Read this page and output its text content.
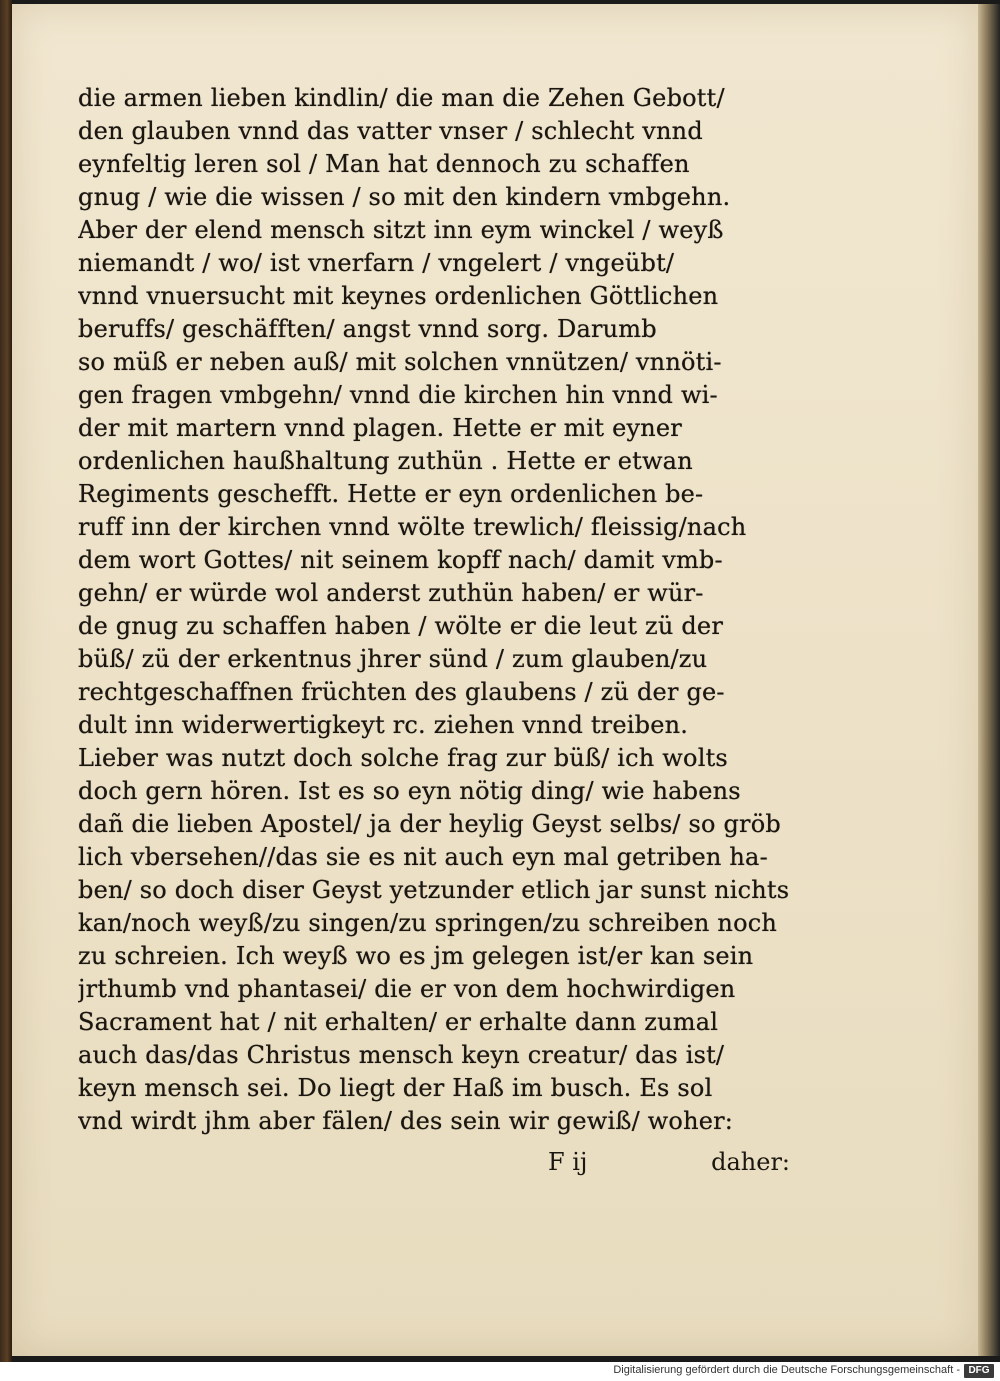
die armen lieben kindlin/ die man die Zehen Gebott/
den glauben vnnd das vatter vnser / schlecht vnnd
eynfeltig leren sol / Man hat dennoch zu schaffen
gnug / wie die wissen / so mit den kindern vmbgehn.
Aber der elend mensch sitzt inn eym winckel / weyß
niemandt / wo/ ist vnerfarn / vngelert / vngeübt/
vnnd vnuersucht mit keynes ordenlichen Göttlichen
beruffs/ geschäfften/ angst vnnd sorg. Darumb
so müß er neben auß/ mit solchen vnnützen/ vnnöti-
gen fragen vmbgehn/ vnnd die kirchen hin vnnd wi-
der mit martern vnnd plagen. Hette er mit eyner
ordenlichen haußhaltung zuthün . Hette er etwan
Regiments geschefft. Hette er eyn ordenlichen be-
ruff inn der kirchen vnnd wölte trewlich/ fleissig/nach
dem wort Gottes/ nit seinem kopff nach/ damit vmb-
gehn/ er würde wol anderst zuthün haben/ er wür-
de gnug zu schaffen haben / wölte er die leut zü der
büß/ zü der erkentnus jhrer sünd / zum glauben/zu
rechtgeschaffnen früchten des glaubens / zü der ge-
dult inn widerwertigkeyt rc. ziehen vnnd treiben.
Lieber was nutzt doch solche frag zur büß/ ich wolts
doch gern hören. Ist es so eyn nötig ding/ wie habens
dañ die lieben Apostel/ ja der heylig Geyst selbs/ so gröb
lich vbersehen//das sie es nit auch eyn mal getriben ha-
ben/ so doch diser Geyst yetzunder etlich jar sunst nichts
kan/noch weyß/zu singen/zu springen/zu schreiben noch
zu schreien. Ich weyß wo es jm gelegen ist/er kan sein
jrthumb vnd phantasei/ die er von dem hochwirdigen
Sacrament hat / nit erhalten/ er erhalte dann zumal
auch das/das Christus mensch keyn creatur/ das ist/
keyn mensch sei. Do liegt der Haß im busch. Es sol
vnd wirdt jhm aber fälen/ des sein wir gewiß/ woher:
F ij	daher:
Digitalisierung gefördert durch die Deutsche Forschungsgemeinschaft - DFG
